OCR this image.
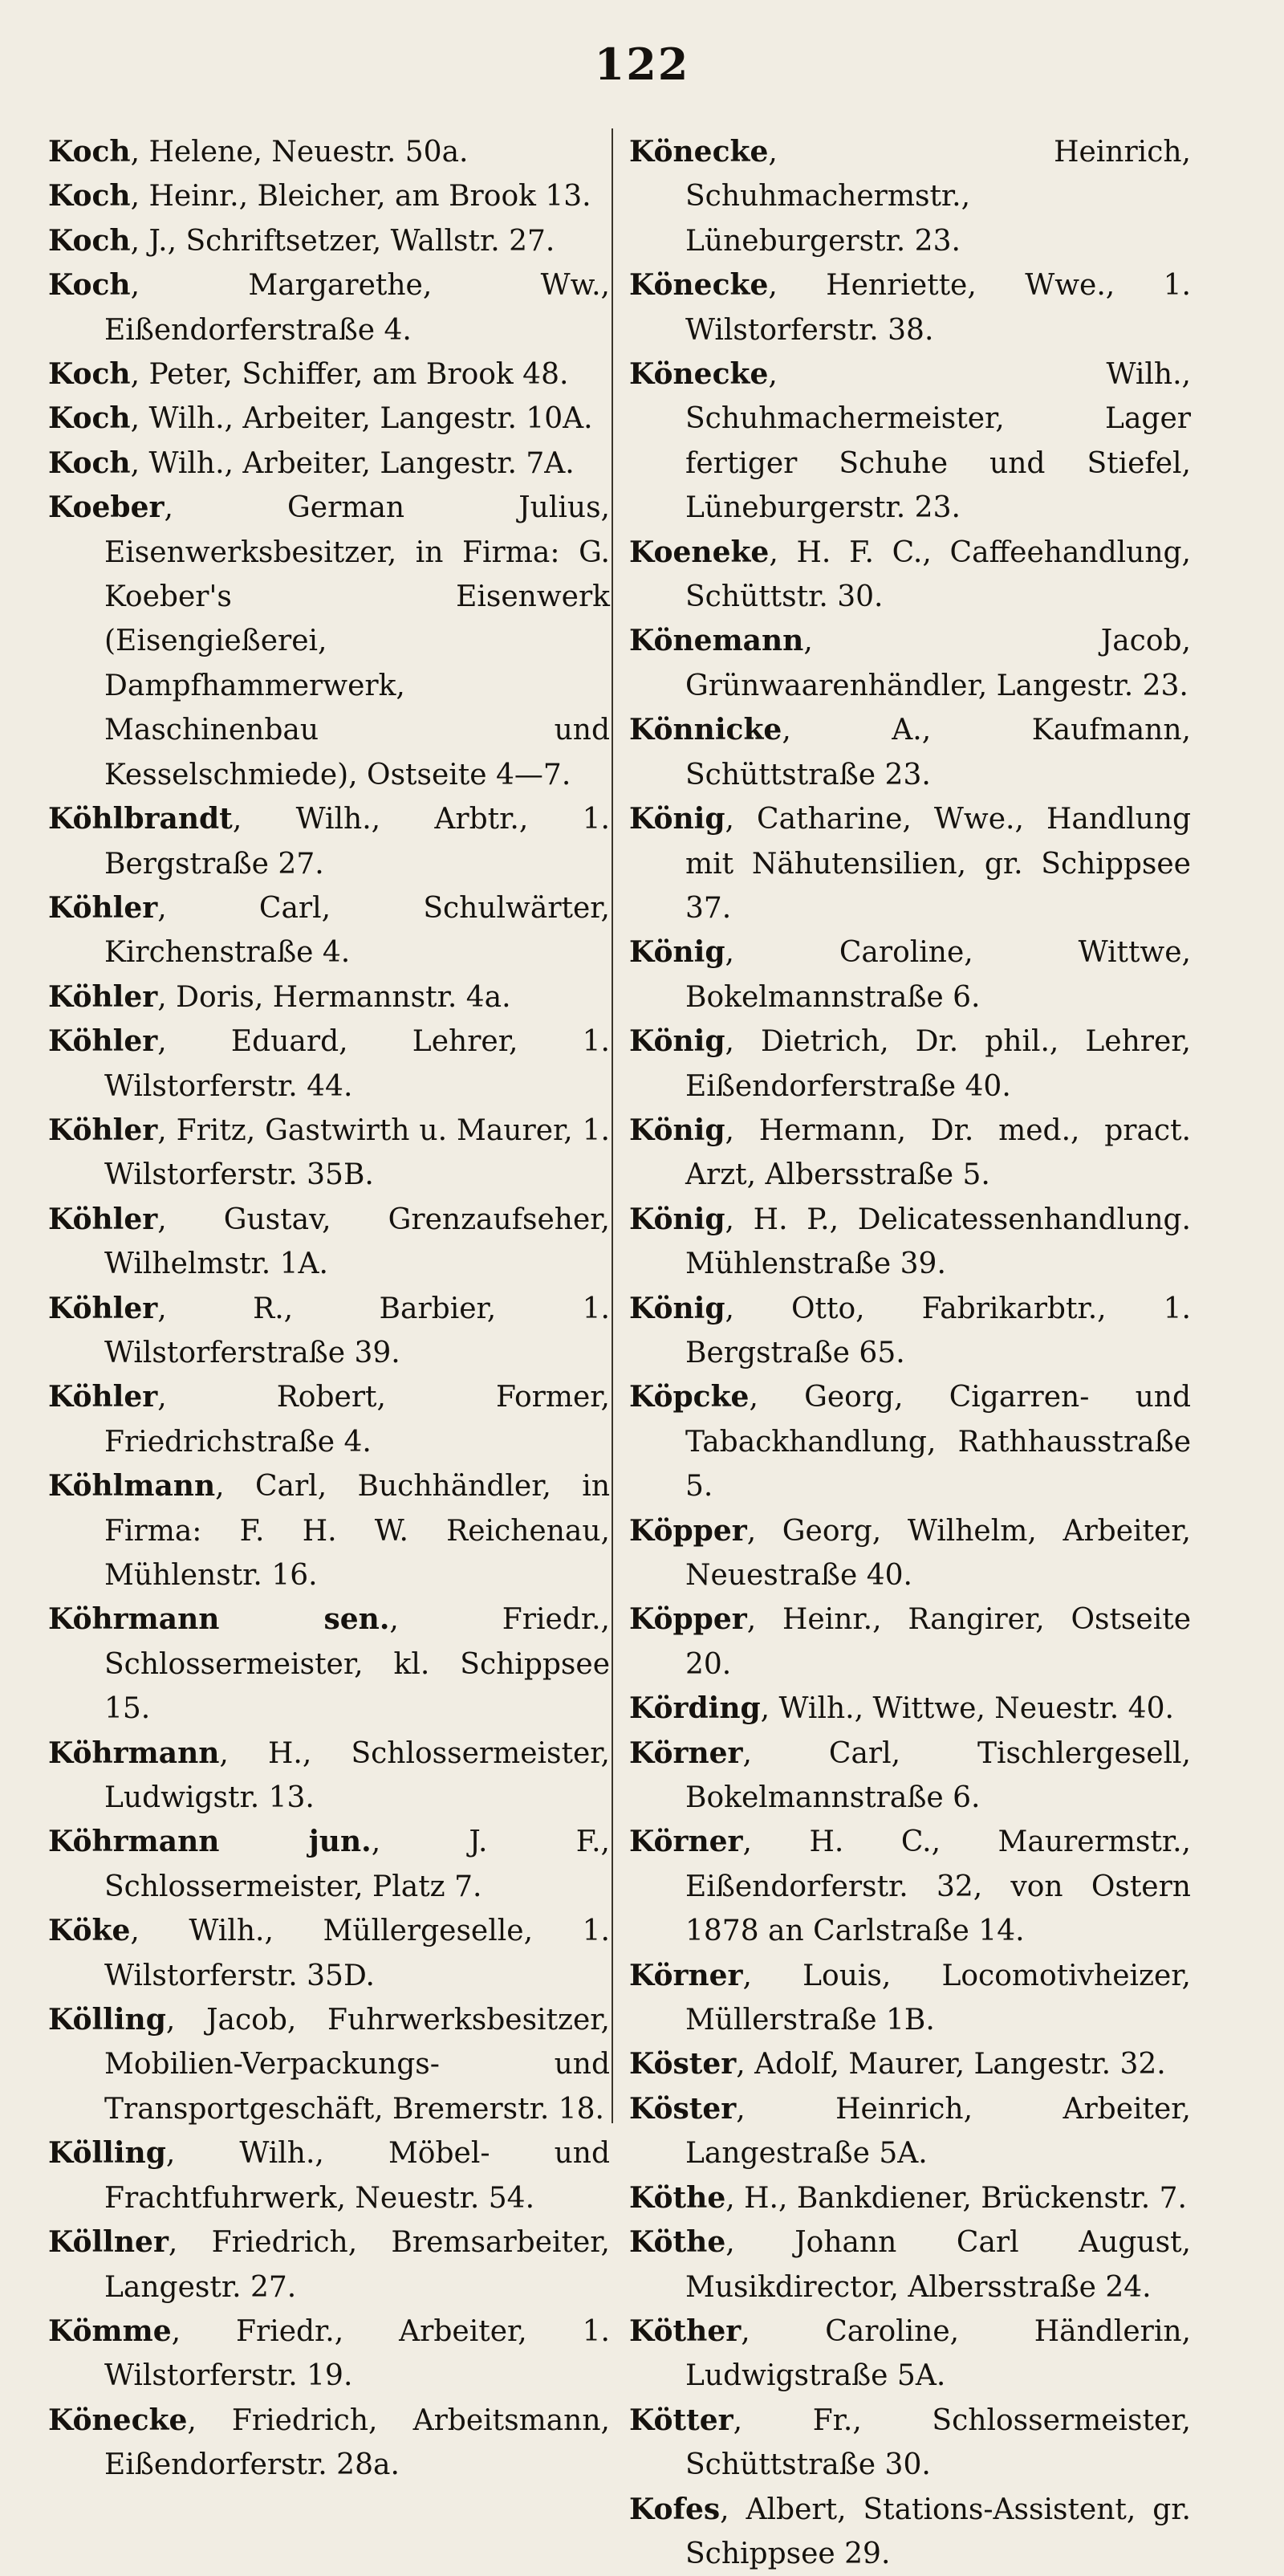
122
Koch, Helene, Neuestr. 50a.
Koch, Heinr., Bleicher, am Brook 13.
Koch, J., Schriftsetzer, Wallstr. 27.
Koch, Margarethe, Ww., Eißendorferstraße 4.
Koch, Peter, Schiffer, am Brook 48.
Koch, Wilh., Arbeiter, Langestr. 10A.
Koch, Wilh., Arbeiter, Langestr. 7A.
Koeber, German Julius, Eisenwerksbesitzer, in Firma: G. Koeber's Eisenwerk (Eisengießerei, Dampfhammerwerk, Maschinenbau und Kesselschmiede), Ostseite 4—7.
Köhlbrandt, Wilh., Arbtr., 1. Bergstraße 27.
Köhler, Carl, Schulwärter, Kirchenstraße 4.
Köhler, Doris, Hermannstr. 4a.
Köhler, Eduard, Lehrer, 1. Wilstorferstr. 44.
Köhler, Fritz, Gastwirth u. Maurer, 1. Wilstorferstr. 35B.
Köhler, Gustav, Grenzaufseher, Wilhelmstr. 1A.
Köhler, R., Barbier, 1. Wilstorferstraße 39.
Köhler, Robert, Former, Friedrichstraße 4.
Köhlmann, Carl, Buchhändler, in Firma: F. H. W. Reichenau, Mühlenstr. 16.
Köhrmann sen., Friedr., Schlossermeister, kl. Schippsee 15.
Köhrmann, H., Schlossermeister, Ludwigstr. 13.
Köhrmann jun., J. F., Schlossermeister, Platz 7.
Köke, Wilh., Müllergeselle, 1. Wilstorferstr. 35D.
Kölling, Jacob, Fuhrwerksbesitzer, Mobilien-Verpackungs- und Transportgeschäft, Bremerstr. 18.
Kölling, Wilh., Möbel- und Frachtfuhrwerk, Neuestr. 54.
Köllner, Friedrich, Bremsarbeiter, Langestr. 27.
Kömme, Friedr., Arbeiter, 1. Wilstorferstr. 19.
Könecke, Friedrich, Arbeitsmann, Eißendorferstr. 28a.
Könecke, Heinrich, Schuhmachermstr., Lüneburgerstr. 23.
Könecke, Henriette, Wwe., 1. Wilstorferstr. 38.
Könecke, Wilh., Schuhmachermeister, Lager fertiger Schuhe und Stiefel, Lüneburgerstr. 23.
Koeneke, H. F. C., Caffeehandlung, Schüttstr. 30.
Könemann, Jacob, Grünwaarenhändler, Langestr. 23.
Könnicke, A., Kaufmann, Schüttstraße 23.
König, Catharine, Wwe., Handlung mit Nähutensilien, gr. Schippsee 37.
König, Caroline, Wittwe, Bokelmannstraße 6.
König, Dietrich, Dr. phil., Lehrer, Eißendorferstraße 40.
König, Hermann, Dr. med., pract. Arzt, Albersstraße 5.
König, H. P., Delicatessenhandlung. Mühlenstraße 39.
König, Otto, Fabrikarbtr., 1. Bergstraße 65.
Köpcke, Georg, Cigarren- und Tabackhandlung, Rathhausstraße 5.
Köpper, Georg, Wilhelm, Arbeiter, Neuestraße 40.
Köpper, Heinr., Rangirer, Ostseite 20.
Körding, Wilh., Wittwe, Neuestr. 40.
Körner, Carl, Tischlergesell, Bokelmannstraße 6.
Körner, H. C., Maurermstr., Eißendorferstr. 32, von Ostern 1878 an Carlstraße 14.
Körner, Louis, Locomotivheizer, Müllerstraße 1B.
Köster, Adolf, Maurer, Langestr. 32.
Köster, Heinrich, Arbeiter, Langestraße 5A.
Köthe, H., Bankdiener, Brückenstr. 7.
Köthe, Johann Carl August, Musikdirector, Albersstraße 24.
Köther, Caroline, Händlerin, Ludwigstraße 5A.
Kötter, Fr., Schlossermeister, Schüttstraße 30.
Kofes, Albert, Stations-Assistent, gr. Schippsee 29.
